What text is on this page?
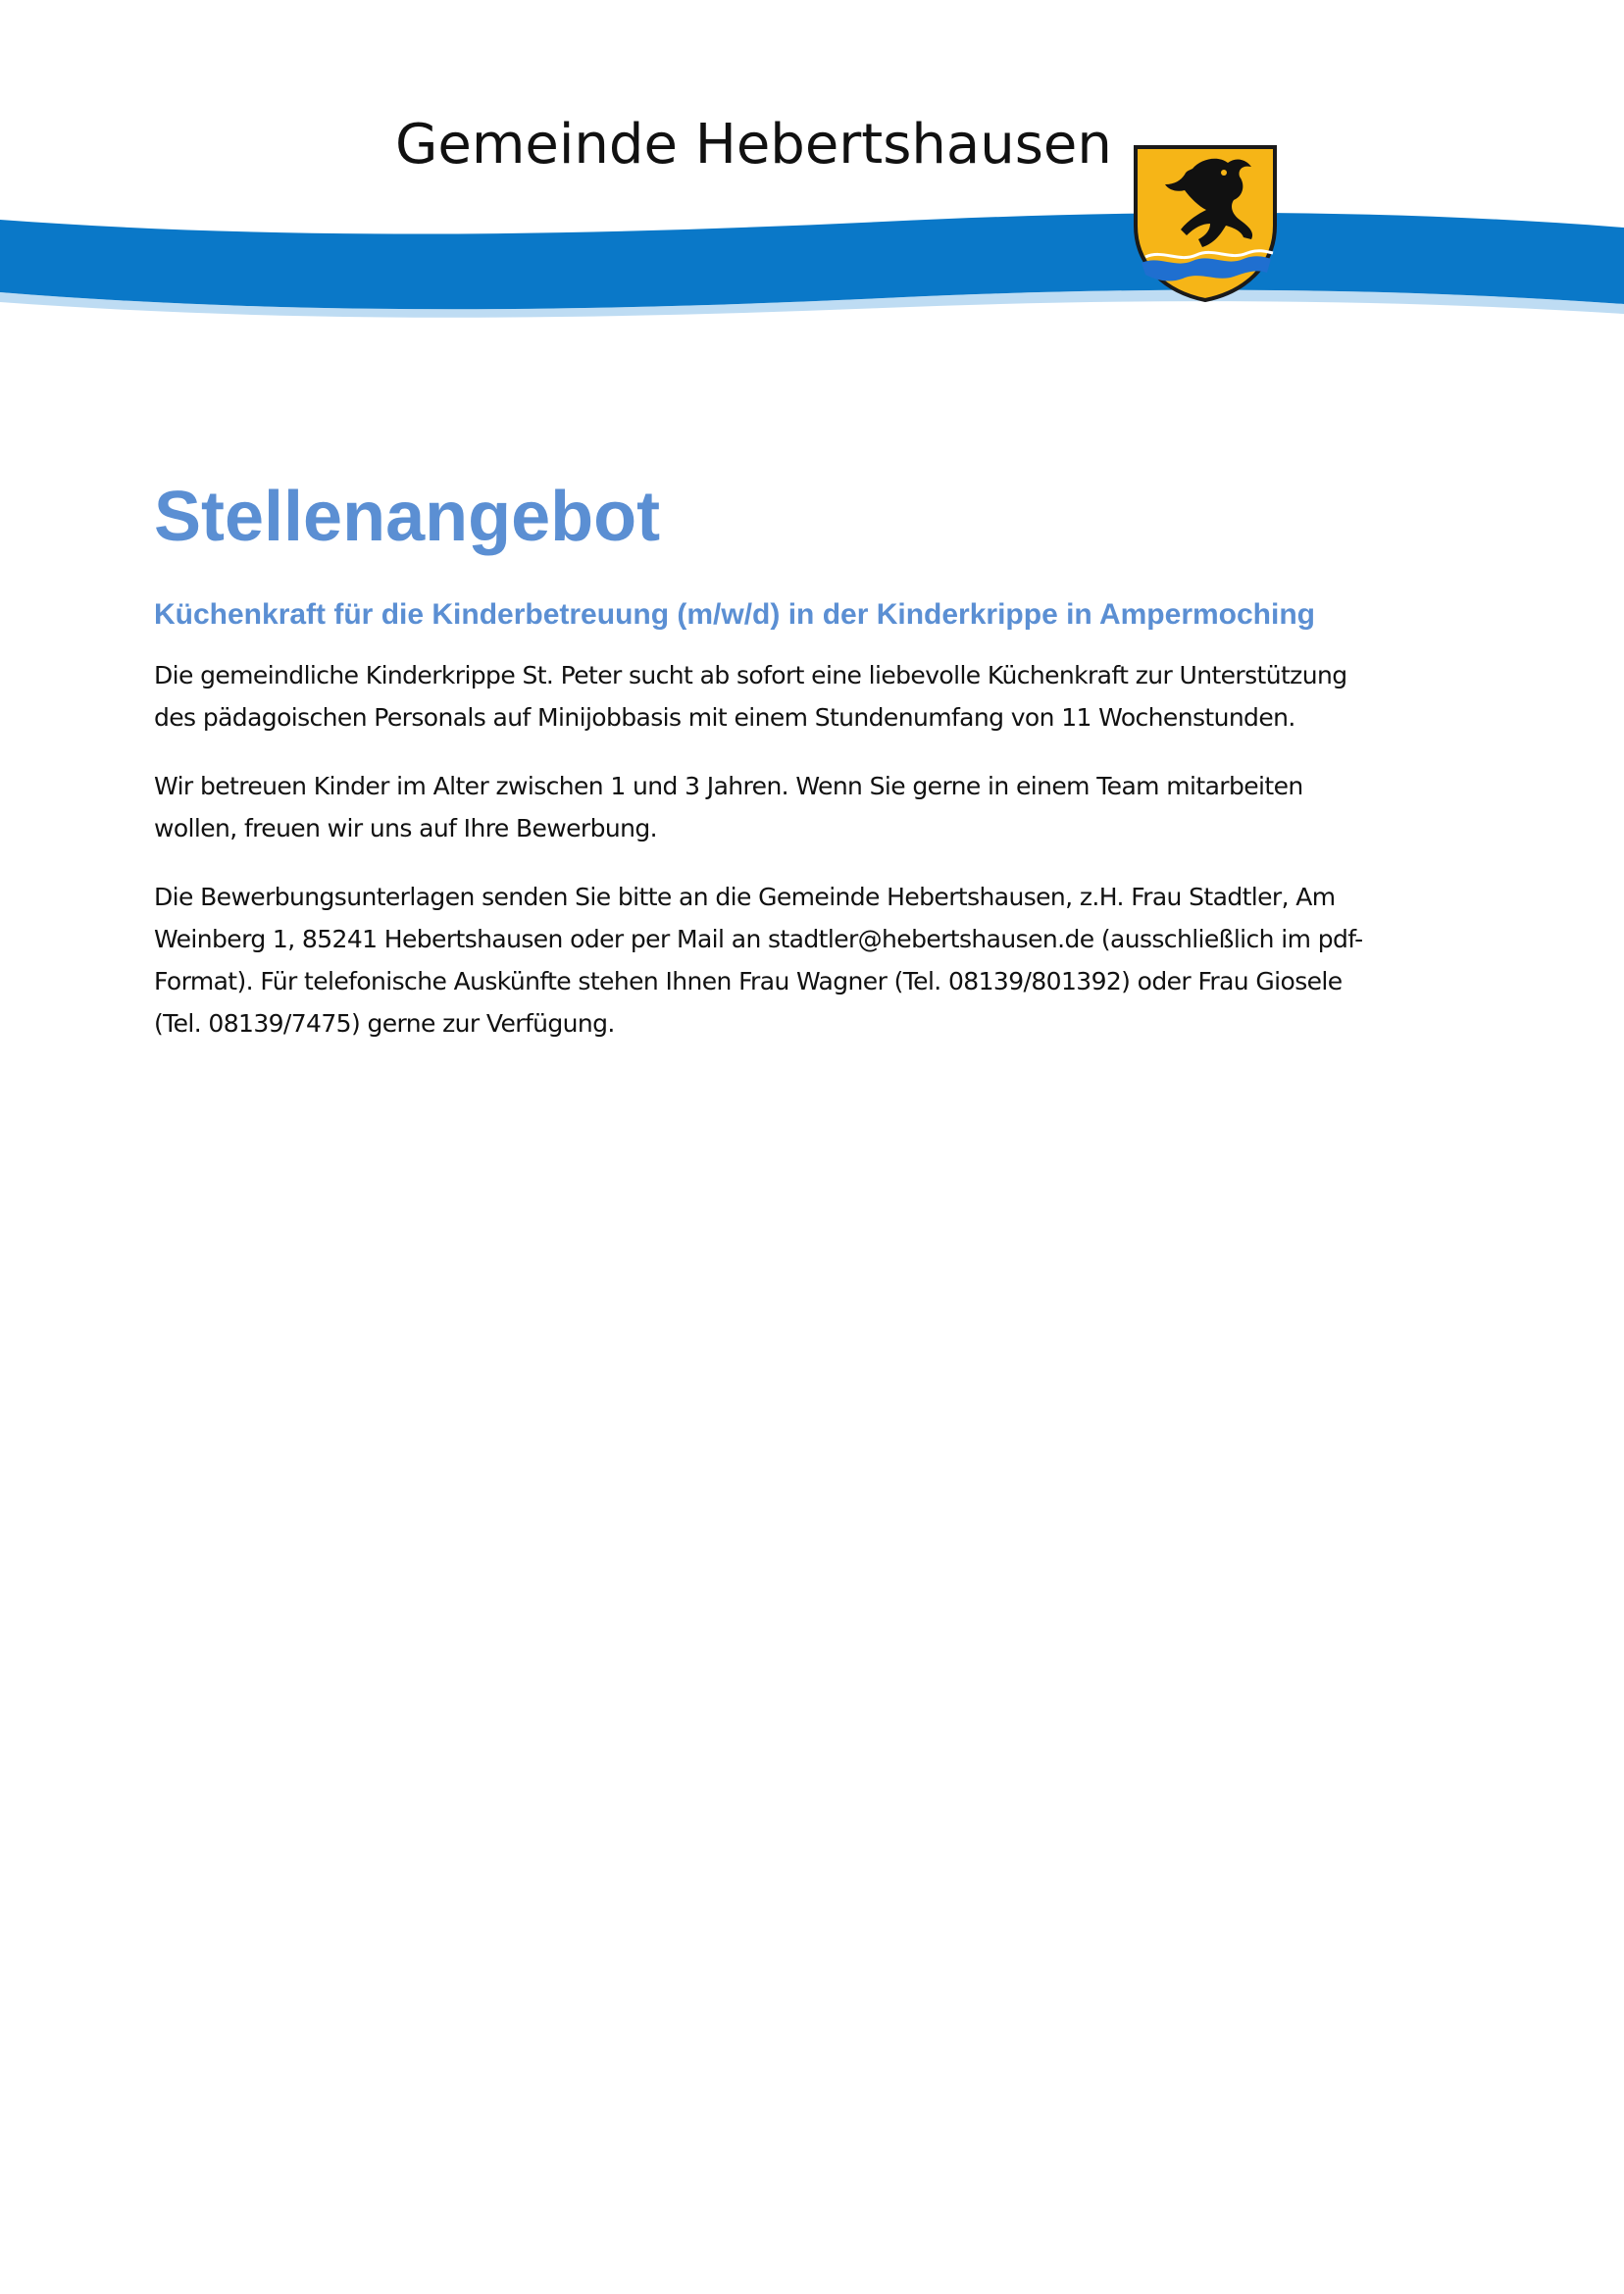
Gemeinde Hebertshausen
Stellenangebot
Küchenkraft für die Kinderbetreuung (m/w/d) in der Kinderkrippe in Ampermoching

Die gemeindliche Kinderkrippe St. Peter sucht ab sofort eine liebevolle Küchenkraft zur Unterstützung
des pädagoischen Personals auf Minijobbasis mit einem Stundenumfang von 11 Wochenstunden.

Wir betreuen Kinder im Alter zwischen 1 und 3 Jahren. Wenn Sie gerne in einem Team mitarbeiten
wollen, freuen wir uns auf Ihre Bewerbung.

Die Bewerbungsunterlagen senden Sie bitte an die Gemeinde Hebertshausen, z.H. Frau Stadtler, Am
Weinberg 1, 85241 Hebertshausen oder per Mail an stadtler@hebertshausen.de (ausschließlich im pdf-
Format). Für telefonische Auskünfte stehen Ihnen Frau Wagner (Tel. 08139/801392) oder Frau Giosele
(Tel. 08139/7475) gerne zur Verfügung.
